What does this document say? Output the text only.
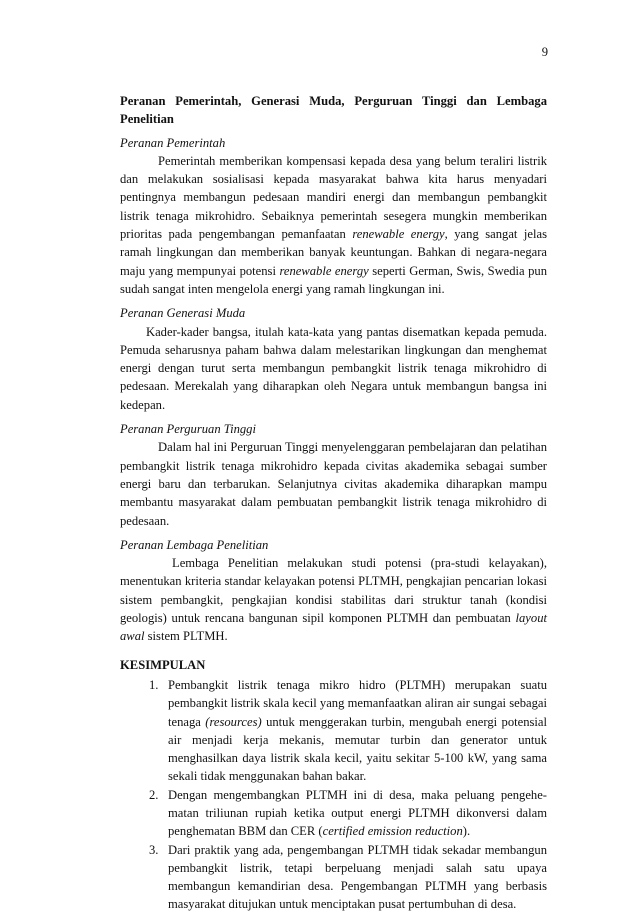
9
Peranan Pemerintah, Generasi Muda, Perguruan Tinggi dan Lembaga Penelitian
Peranan Pemerintah

Pemerintah memberikan kompensasi kepada desa yang belum teraliri listrik dan melakukan sosialisasi kepada masyarakat bahwa kita harus menyadari pentingnya membangun pedesaan mandiri energi dan membangun pembangkit listrik tenaga mikrohidro. Sebaiknya pemerintah sesegera mungkin memberikan prioritas pada pengembangan pemanfaatan renewable energy, yang sangat jelas ramah lingkungan dan memberikan banyak keuntungan. Bahkan di negara-negara maju yang mempunyai potensi renewable energy seperti German, Swis, Swedia pun sudah sangat inten mengelola energi yang ramah lingkungan ini.

Peranan Generasi Muda

Kader-kader bangsa, itulah kata-kata yang pantas disematkan kepada pemuda. Pemuda seharusnya paham bahwa dalam melestarikan lingkungan dan menghemat energi dengan turut serta membangun pembangkit listrik tenaga mikrohidro di pedesaan. Merekalah yang diharapkan oleh Negara untuk membangun bangsa ini kedepan.

Peranan Perguruan Tinggi

Dalam hal ini Perguruan Tinggi menyelenggaran pembelajaran dan pelatihan pembangkit listrik tenaga mikrohidro kepada civitas akademika sebagai sumber energi baru dan terbarukan. Selanjutnya civitas akademika diharapkan mampu membantu masyarakat dalam pembuatan pembangkit listrik tenaga mikrohidro di pedesaan.

Peranan Lembaga Penelitian

Lembaga Penelitian melakukan studi potensi (pra-studi kelayakan), menentukan kriteria standar kelayakan potensi PLTMH, pengkajian pencarian lokasi sistem pembangkit, pengkajian kondisi stabilitas dari struktur tanah (kondisi geologis) untuk rencana bangunan sipil komponen PLTMH dan pembuatan layout awal sistem PLTMH.

KESIMPULAN
1. Pembangkit listrik tenaga mikro hidro (PLTMH) merupakan suatu pembangkit listrik skala kecil yang memanfaatkan aliran air sungai sebagai tenaga (resources) untuk menggerakan turbin, mengubah energi potensial air menjadi kerja mekanis, memutar turbin dan generator untuk menghasilkan daya listrik skala kecil, yaitu sekitar 5-100 kW, yang sama sekali tidak menggunakan bahan bakar.
2. Dengan mengembangkan PLTMH ini di desa, maka peluang pengehe-matan triliunan rupiah ketika output energi PLTMH dikonversi dalam penghematan BBM dan CER (certified emission reduction).
3. Dari praktik yang ada, pengembangan PLTMH tidak sekadar membangun pembangkit listrik, tetapi berpeluang menjadi salah satu upaya membangun kemandirian desa. Pengembangan PLTMH yang berbasis masyarakat ditujukan untuk menciptakan pusat pertumbuhan di desa.
